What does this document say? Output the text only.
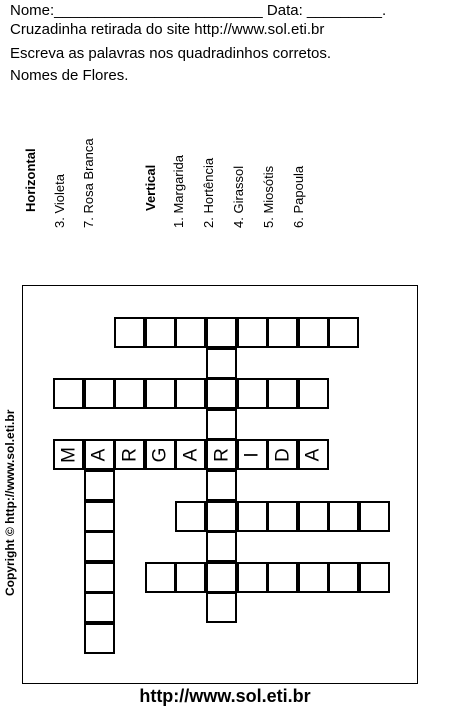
Nome:_________________________ Data: _________.
Cruzadinha retirada do site http://www.sol.eti.br
Escreva as palavras nos quadradinhos corretos.
Nomes de Flores.
Horizontal 3. Violeta 7. Rosa Branca	Vertical 1. Margarida 2. Hortência 4. Girassol 5. Miosótis 6. Papoula
M A R G A R I D A
Copyright © http://www.sol.eti.br
http://www.sol.eti.br
